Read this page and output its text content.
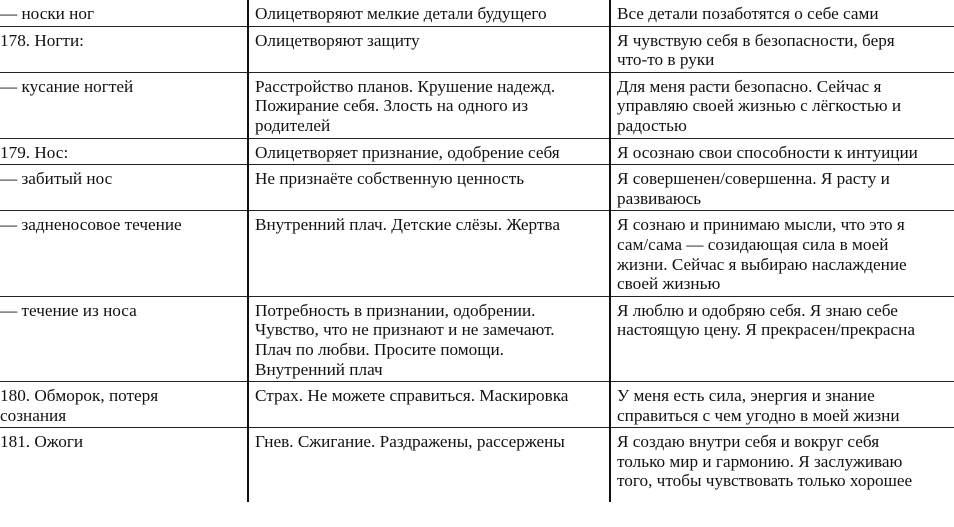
— носки ног	Олицетворяют мелкие детали будущего	Все детали позаботятся о себе сами

178. Ногти:	Олицетворяют защиту	Я чувствую себя в безопасности, беря
что-то в руки

— кусание ногтей	Расстройство планов. Крушение надежд.
Пожирание себя. Злость на одного из
родителей	Для меня расти безопасно. Сейчас я
управляю своей жизнью с лёгкостью и
радостью

179. Нос:	Олицетворяет признание, одобрение себя	Я осознаю свои способности к интуиции

— забитый нос	Не признаёте собственную ценность	Я совершенен/совершенна. Я расту и
развиваюсь

— задненосовое течение	Внутренний плач. Детские слёзы. Жертва	Я сознаю и принимаю мысли, что это я
сам/сама — созидающая сила в моей
жизни. Сейчас я выбираю наслаждение
своей жизнью

— течение из носа	Потребность в признании, одобрении.
Чувство, что не признают и не замечают.
Плач по любви. Просите помощи.
Внутренний плач	Я люблю и одобряю себя. Я знаю себе
настоящую цену. Я прекрасен/прекрасна

180. Обморок, потеря
сознания	Страх. Не можете справиться. Маскировка	У меня есть сила, энергия и знание
справиться с чем угодно в моей жизни

181. Ожоги	Гнев. Сжигание. Раздражены, рассержены	Я создаю внутри себя и вокруг себя
только мир и гармонию. Я заслуживаю
того, чтобы чувствовать только хорошее
